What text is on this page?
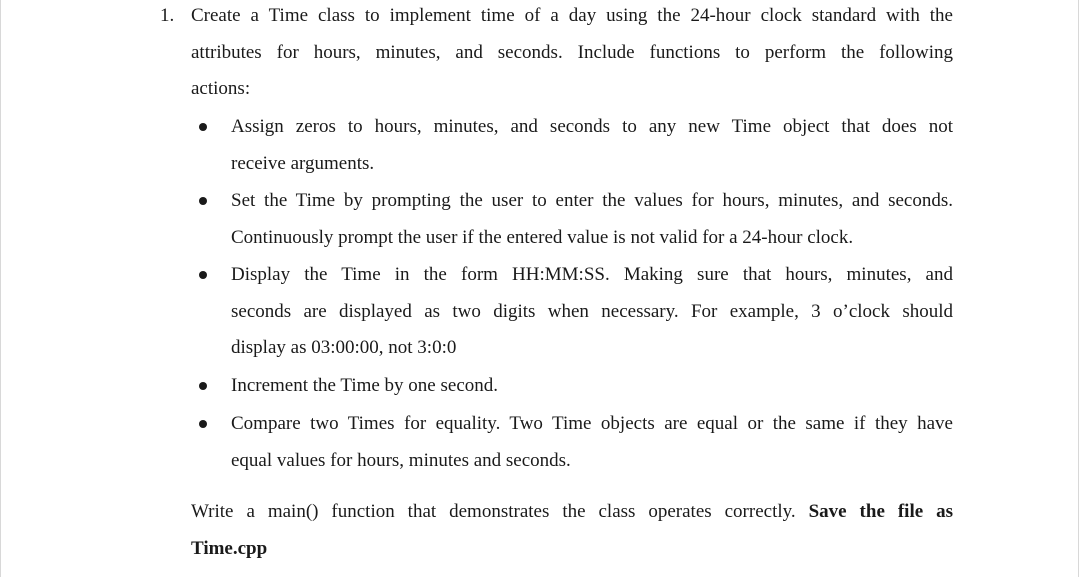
1. Create a Time class to implement time of a day using the 24-hour clock standard with the
attributes for hours, minutes, and seconds. Include functions to perform the following
actions:
Assign zeros to hours, minutes, and seconds to any new Time object that does not
receive arguments.
Set the Time by prompting the user to enter the values for hours, minutes, and seconds.
Continuously prompt the user if the entered value is not valid for a 24-hour clock.
Display the Time in the form HH:MM:SS. Making sure that hours, minutes, and
seconds are displayed as two digits when necessary. For example, 3 o’clock should
display as 03:00:00, not 3:0:0
Increment the Time by one second.
Compare two Times for equality. Two Time objects are equal or the same if they have
equal values for hours, minutes and seconds.
Write a main() function that demonstrates the class operates correctly. Save the file as
Time.cpp
